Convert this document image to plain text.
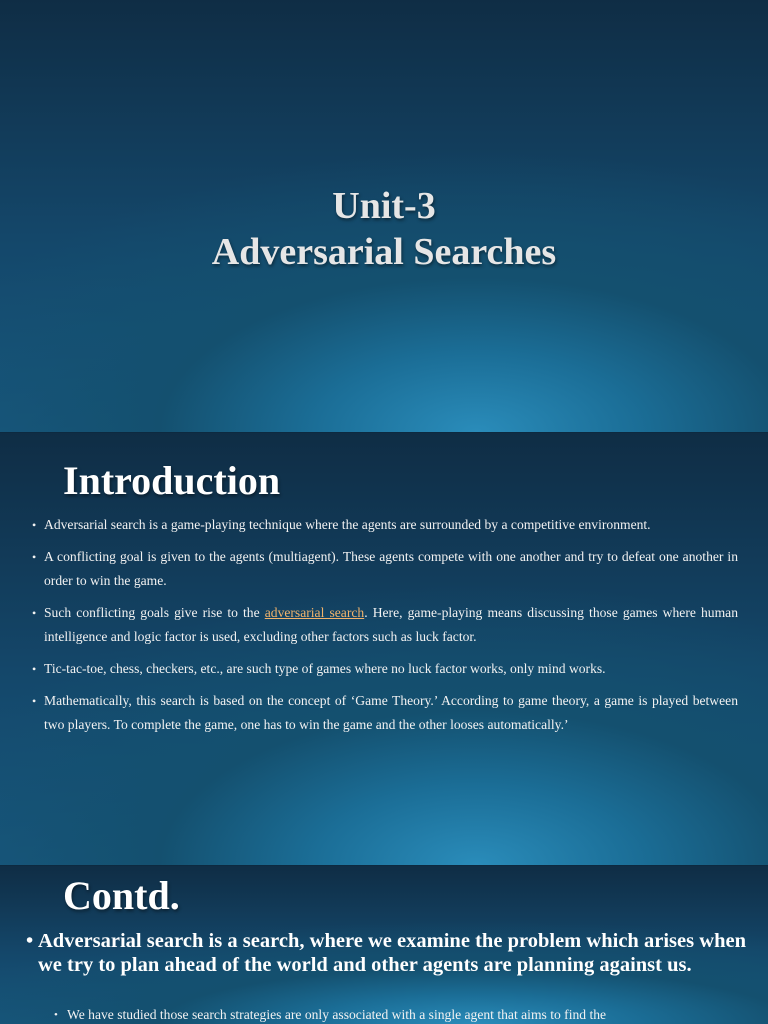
Unit-3
Adversarial Searches
Introduction
• Adversarial search is a game-playing technique where the agents are surrounded by a competitive environment.
• A conflicting goal is given to the agents (multiagent). These agents compete with one another and try to defeat one another in order to win the game.
• Such conflicting goals give rise to the adversarial search. Here, game-playing means discussing those games where human intelligence and logic factor is used, excluding other factors such as luck factor.
• Tic-tac-toe, chess, checkers, etc., are such type of games where no luck factor works, only mind works.
• Mathematically, this search is based on the concept of ‘Game Theory.’ According to game theory, a game is played between two players. To complete the game, one has to win the game and the other looses automatically.’
Contd.
• Adversarial search is a search, where we examine the problem which arises when we try to plan ahead of the world and other agents are planning against us.
• We have studied those search strategies are only associated with a single agent that aims to find the
